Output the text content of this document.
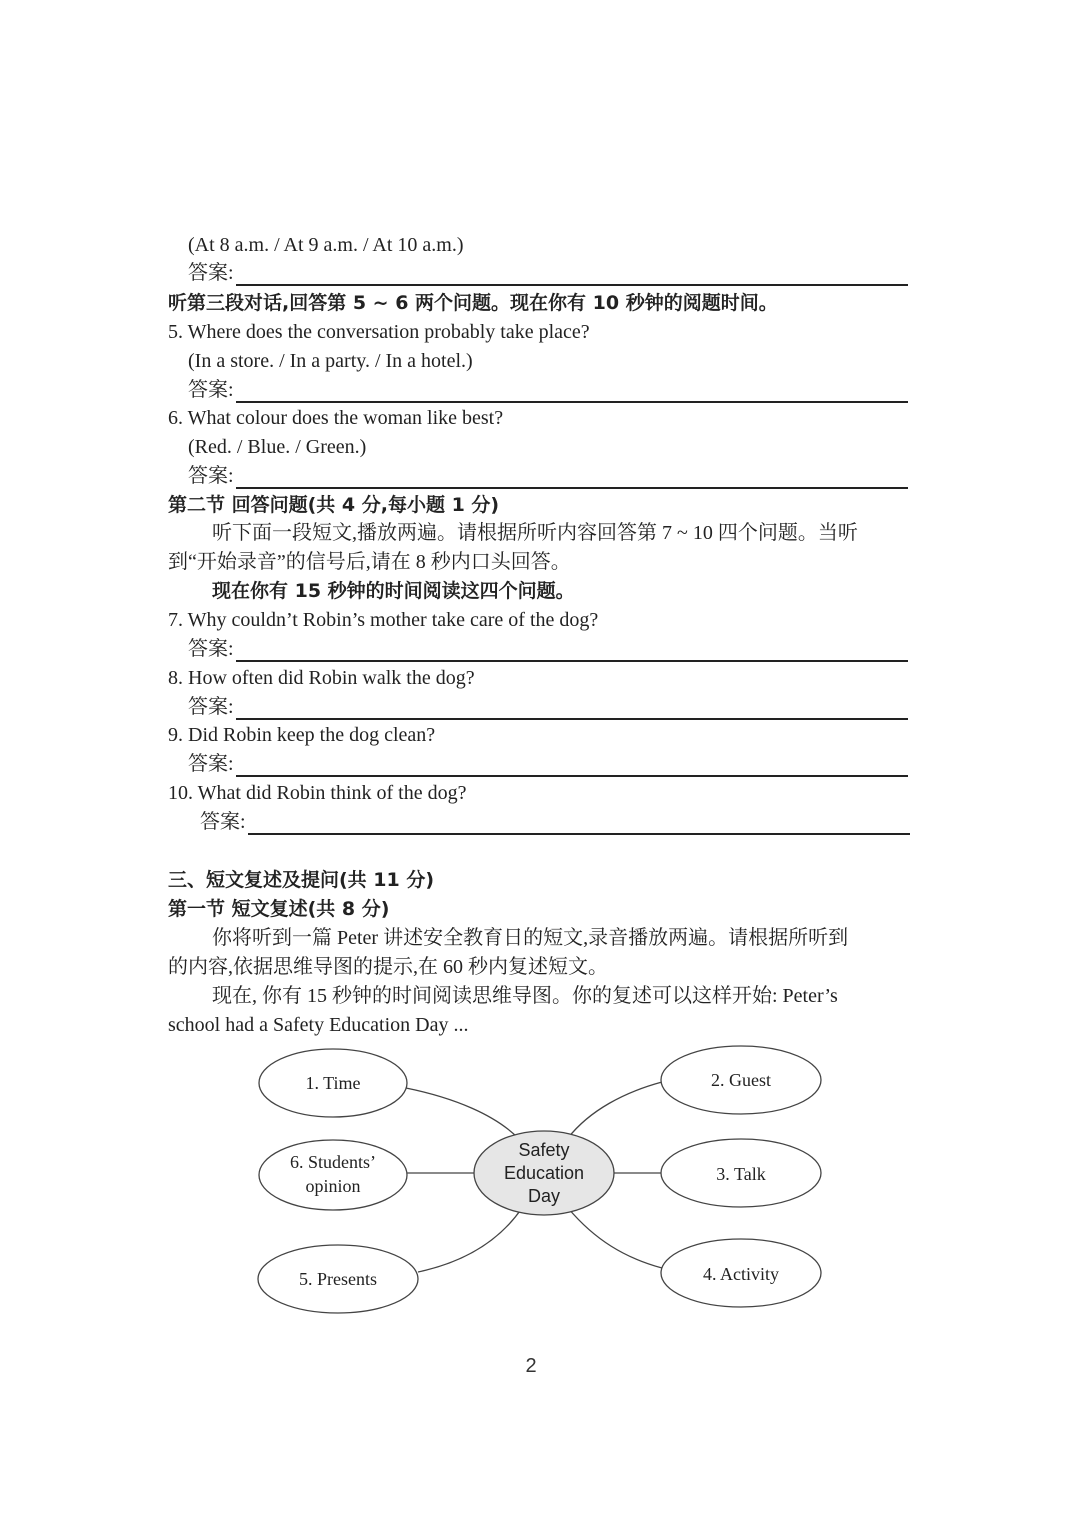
(At 8 a.m. / At 9 a.m. / At 10 a.m.)
答案:
听第三段对话,回答第 5 ~ 6 两个问题。现在你有 10 秒钟的阅题时间。
5. Where does the conversation probably take place?
(In a store. / In a party. / In a hotel.)
答案:
6. What colour does the woman like best?
(Red. / Blue. / Green.)
答案:
第二节 回答问题(共 4 分,每小题 1 分)
听下面一段短文,播放两遍。请根据所听内容回答第 7 ~ 10 四个问题。当听
到“开始录音”的信号后,请在 8 秒内口头回答。
现在你有 15 秒钟的时间阅读这四个问题。
7. Why couldn’t Robin’s mother take care of the dog?
答案:
8. How often did Robin walk the dog?
答案:
9. Did Robin keep the dog clean?
答案:
10. What did Robin think of the dog?
答案:
三、短文复述及提问(共 11 分)
第一节 短文复述(共 8 分)
你将听到一篇 Peter 讲述安全教育日的短文,录音播放两遍。请根据所听到
的内容,依据思维导图的提示,在 60 秒内复述短文。
现在, 你有 15 秒钟的时间阅读思维导图。你的复述可以这样开始: Peter’s
school had a Safety Education Day ...
1. Time	2. Guest
6. Students’
opinion
3. Talk
5. Presents	4. Activity
Safety
Education
Day
2
